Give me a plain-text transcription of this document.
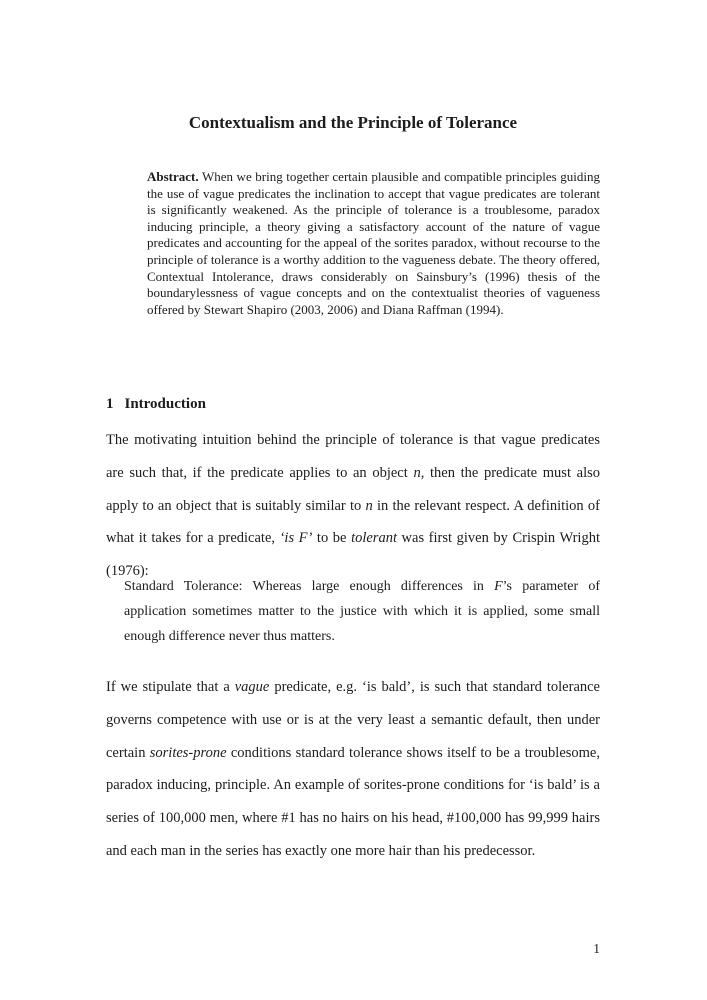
Contextualism and the Principle of Tolerance
Abstract. When we bring together certain plausible and compatible principles guiding the use of vague predicates the inclination to accept that vague predicates are tolerant is significantly weakened. As the principle of tolerance is a troublesome, paradox inducing principle, a theory giving a satisfactory account of the nature of vague predicates and accounting for the appeal of the sorites paradox, without recourse to the principle of tolerance is a worthy addition to the vagueness debate. The theory offered, Contextual Intolerance, draws considerably on Sainsbury’s (1996) thesis of the boundarylessness of vague concepts and on the contextualist theories of vagueness offered by Stewart Shapiro (2003, 2006) and Diana Raffman (1994).
1 Introduction

The motivating intuition behind the principle of tolerance is that vague predicates are such that, if the predicate applies to an object n, then the predicate must also apply to an object that is suitably similar to n in the relevant respect. A definition of what it takes for a predicate, ‘is F’ to be tolerant was first given by Crispin Wright (1976):

Standard Tolerance: Whereas large enough differences in F’s parameter of application sometimes matter to the justice with which it is applied, some small enough difference never thus matters.

If we stipulate that a vague predicate, e.g. ‘is bald’, is such that standard tolerance governs competence with use or is at the very least a semantic default, then under certain sorites-prone conditions standard tolerance shows itself to be a troublesome, paradox inducing, principle. An example of sorites-prone conditions for ‘is bald’ is a series of 100,000 men, where #1 has no hairs on his head, #100,000 has 99,999 hairs and each man in the series has exactly one more hair than his predecessor.

1
